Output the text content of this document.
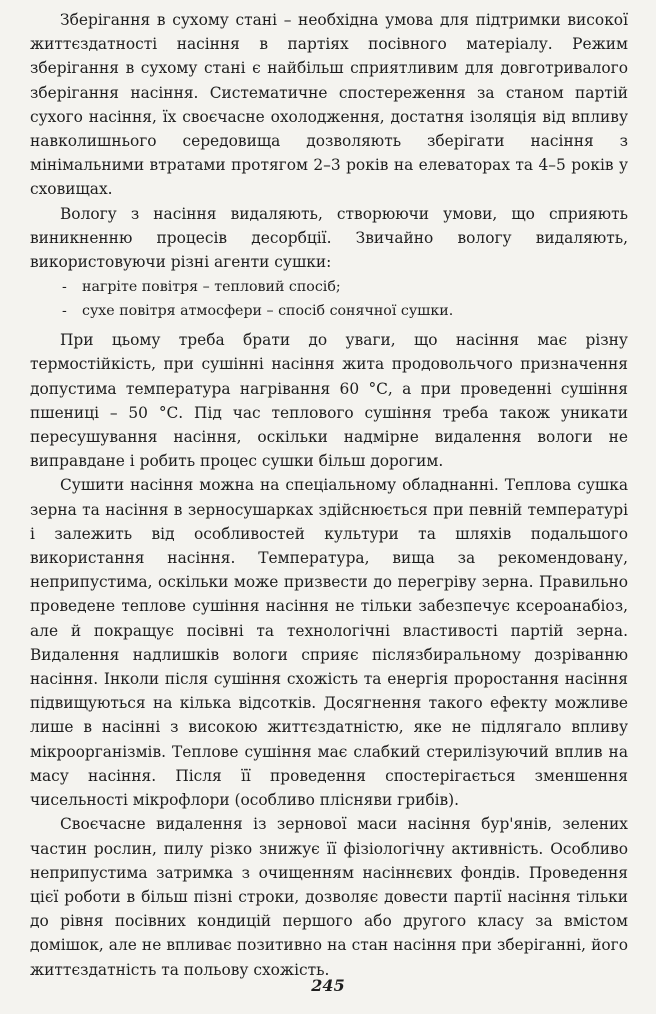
Зберігання в сухому стані – необхідна умова для підтримки високої життєздатності насіння в партіях посівного матеріалу. Режим зберігання в сухому стані є найбільш сприятливим для довготривалого зберігання насіння. Систематичне спостереження за станом партій сухого насіння, їх своєчасне охолодження, достатня ізоляція від впливу навколишнього середовища дозволяють зберігати насіння з мінімальними втратами протягом 2–3 років на елеваторах та 4–5 років у сховищах.

Вологу з насіння видаляють, створюючи умови, що сприяють виникненню процесів десорбції. Звичайно вологу видаляють, використовуючи різні агенти сушки:

- нагріте повітря – тепловий спосіб;
- сухе повітря атмосфери – спосіб сонячної сушки.

При цьому треба брати до уваги, що насіння має різну термостійкість, при сушінні насіння жита продовольчого призначення допустима температура нагрівання 60 °С, а при проведенні сушіння пшениці – 50 °С. Під час теплового сушіння треба також уникати пересушування насіння, оскільки надмірне видалення вологи не виправдане і робить процес сушки більш дорогим.

Сушити насіння можна на спеціальному обладнанні. Теплова сушка зерна та насіння в зерносушарках здійснюється при певній температурі і залежить від особливостей культури та шляхів подальшого використання насіння. Температура, вища за рекомендовану, неприпустима, оскільки може призвести до перегріву зерна. Правильно проведене теплове сушіння насіння не тільки забезпечує ксероанабіоз, але й покращує посівні та технологічні властивості партій зерна. Видалення надлишків вологи сприяє післязбиральному дозріванню насіння. Інколи після сушіння схожість та енергія проростання насіння підвищуються на кілька відсотків. Досягнення такого ефекту можливе лише в насінні з високою життєздатністю, яке не підлягало впливу мікроорганізмів. Теплове сушіння має слабкий стерилізуючий вплив на масу насіння. Після її проведення спостерігається зменшення чисельності мікрофлори (особливо плісняви грибів).

Своєчасне видалення із зернової маси насіння бур'янів, зелених частин рослин, пилу різко знижує її фізіологічну активність. Особливо неприпустима затримка з очищенням насіннєвих фондів. Проведення цієї роботи в більш пізні строки, дозволяє довести партії насіння тільки до рівня посівних кондицій першого або другого класу за вмістом домішок, але не впливає позитивно на стан насіння при зберіганні, його життєздатність та польову схожість.

245
